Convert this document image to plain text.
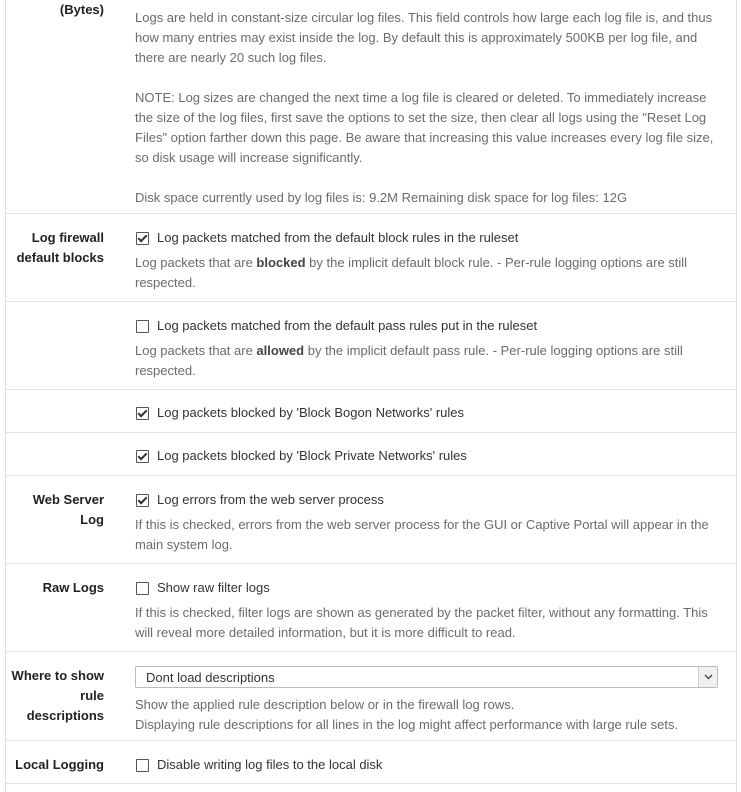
(Bytes)
Logs are held in constant-size circular log files. This field controls how large each log file is, and thus how many entries may exist inside the log. By default this is approximately 500KB per log file, and there are nearly 20 such log files.
NOTE: Log sizes are changed the next time a log file is cleared or deleted. To immediately increase the size of the log files, first save the options to set the size, then clear all logs using the "Reset Log Files" option farther down this page. Be aware that increasing this value increases every log file size, so disk usage will increase significantly.
Disk space currently used by log files is: 9.2M Remaining disk space for log files: 12G
Log firewall
default blocks
Log packets matched from the default block rules in the ruleset
Log packets that are blocked by the implicit default block rule. - Per-rule logging options are still respected.
Log packets matched from the default pass rules put in the ruleset
Log packets that are allowed by the implicit default pass rule. - Per-rule logging options are still respected.
Log packets blocked by 'Block Bogon Networks' rules
Log packets blocked by 'Block Private Networks' rules
Web Server
Log
Log errors from the web server process
If this is checked, errors from the web server process for the GUI or Captive Portal will appear in the main system log.
Raw Logs	Show raw filter logs
If this is checked, filter logs are shown as generated by the packet filter, without any formatting. This will reveal more detailed information, but it is more difficult to read.
Where to show
rule
descriptions
Dont load descriptions
Show the applied rule description below or in the firewall log rows.
Displaying rule descriptions for all lines in the log might affect performance with large rule sets.
Local Logging	Disable writing log files to the local disk
